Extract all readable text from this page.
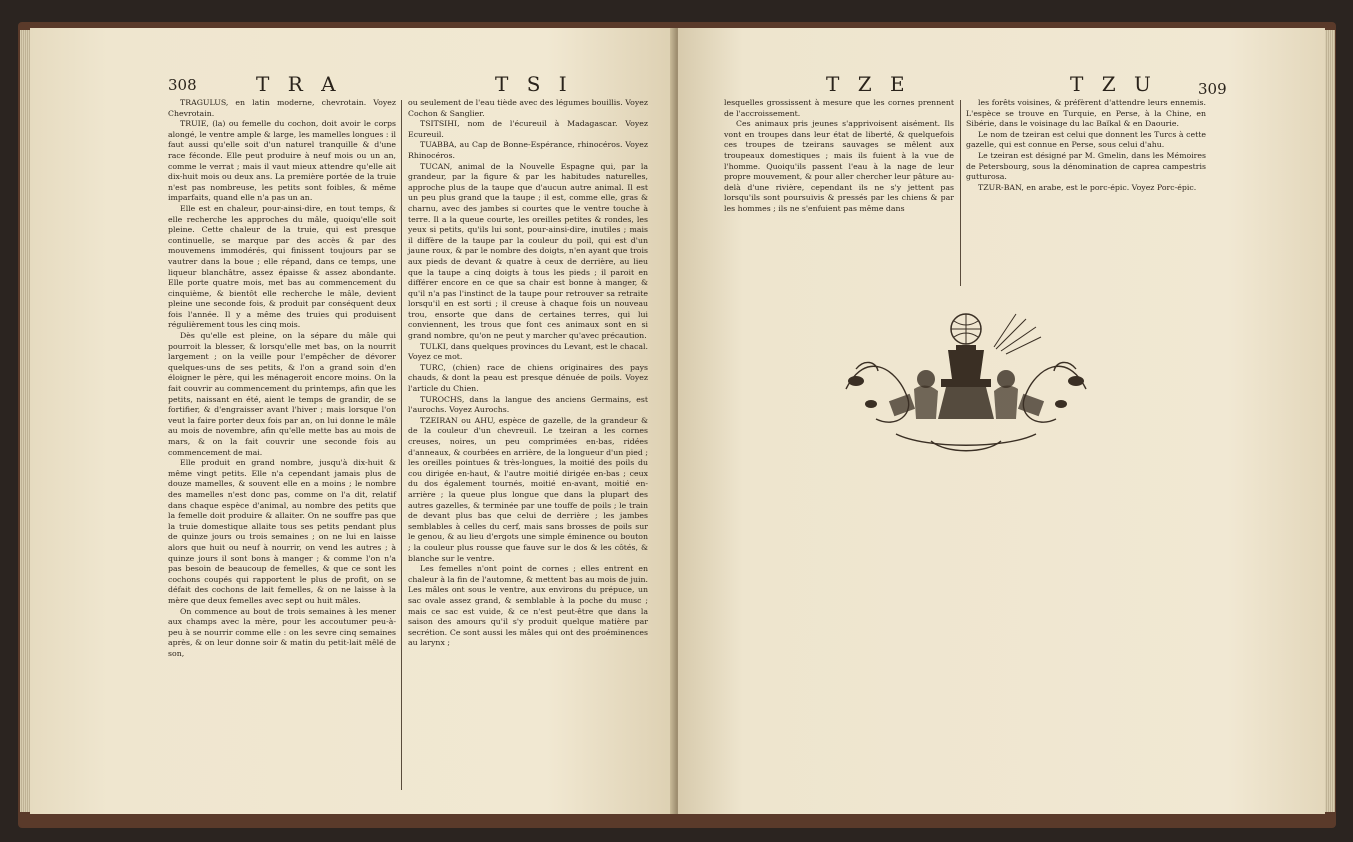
308	T R A	T S I

TRAGULUS, en latin moderne, chevrotain. Voyez Chevrotain.

TRUIE, (la) ou femelle du cochon, doit avoir le corps alongé, le ventre ample & large, les mamelles longues : il faut aussi qu'elle soit d'un naturel tranquille & d'une race féconde. Elle peut produire à neuf mois ou un an, comme le verrat ; mais il vaut mieux attendre qu'elle ait dix-huit mois ou deux ans. La première portée de la truie n'est pas nombreuse, les petits sont foibles, & même imparfaits, quand elle n'a pas un an.

Elle est en chaleur, pour-ainsi-dire, en tout temps, & elle recherche les approches du mâle, quoiqu'elle soit pleine. Cette chaleur de la truie, qui est presque continuelle, se marque par des accès & par des mouvemens immodérés, qui finissent toujours par se vautrer dans la boue ; elle répand, dans ce temps, une liqueur blanchâtre, assez épaisse & assez abondante. Elle porte quatre mois, met bas au commencement du cinquième, & bientôt elle recherche le mâle, devient pleine une seconde fois, & produit par conséquent deux fois l'année. Il y a même des truies qui produisent régulièrement tous les cinq mois.

Dès qu'elle est pleine, on la sépare du mâle qui pourroit la blesser, & lorsqu'elle met bas, on la nourrit largement ; on la veille pour l'empêcher de dévorer quelques-uns de ses petits, & l'on a grand soin d'en éloigner le père, qui les ménageroit encore moins. On la fait couvrir au commencement du printemps, afin que les petits, naissant en été, aient le temps de grandir, de se fortifier, & d'engraisser avant l'hiver ; mais lorsque l'on veut la faire porter deux fois par an, on lui donne le mâle au mois de novembre, afin qu'elle mette bas au mois de mars, & on la fait couvrir une seconde fois au commencement de mai.

Elle produit en grand nombre, jusqu'à dix-huit & même vingt petits. Elle n'a cependant jamais plus de douze mamelles, & souvent elle en a moins ; le nombre des mamelles n'est donc pas, comme on l'a dit, relatif dans chaque espèce d'animal, au nombre des petits que la femelle doit produire & allaiter. On ne souffre pas que la truie domestique allaite tous ses petits pendant plus de quinze jours ou trois semaines ; on ne lui en laisse alors que huit ou neuf à nourrir, on vend les autres ; à quinze jours il sont bons à manger ; & comme l'on n'a pas besoin de beaucoup de femelles, & que ce sont les cochons coupés qui rapportent le plus de profit, on se défait des cochons de lait femelles, & on ne laisse à la mère que deux femelles avec sept ou huit mâles.

On commence au bout de trois semaines à les mener aux champs avec la mère, pour les accoutumer peu-à-peu à se nourrir comme elle : on les sevre cinq semaines après, & on leur donne soir & matin du petit-lait mêlé de son,

ou seulement de l'eau tiède avec des légumes bouillis. Voyez Cochon & Sanglier.

TSITSIHI, nom de l'écureuil à Madagascar. Voyez Ecureuil.

TUABBA, au Cap de Bonne-Espérance, rhinocéros. Voyez Rhinocéros.

TUCAN, animal de la Nouvelle Espagne qui, par la grandeur, par la figure & par les habitudes naturelles, approche plus de la taupe que d'aucun autre animal. Il est un peu plus grand que la taupe ; il est, comme elle, gras & charnu, avec des jambes si courtes que le ventre touche à terre. Il a la queue courte, les oreilles petites & rondes, les yeux si petits, qu'ils lui sont, pour-ainsi-dire, inutiles ; mais il diffère de la taupe par la couleur du poil, qui est d'un jaune roux, & par le nombre des doigts, n'en ayant que trois aux pieds de devant & quatre à ceux de derrière, au lieu que la taupe a cinq doigts à tous les pieds ; il paroit en différer encore en ce que sa chair est bonne à manger, & qu'il n'a pas l'instinct de la taupe pour retrouver sa retraite lorsqu'il en est sorti ; il creuse à chaque fois un nouveau trou, ensorte que dans de certaines terres, qui lui conviennent, les trous que font ces animaux sont en si grand nombre, qu'on ne peut y marcher qu'avec précaution.

TULKI, dans quelques provinces du Levant, est le chacal. Voyez ce mot.

TURC, (chien) race de chiens originaires des pays chauds, & dont la peau est presque dénuée de poils. Voyez l'article du Chien.

TUROCHS, dans la langue des anciens Germains, est l'aurochs. Voyez Aurochs.

TZEIRAN ou AHU, espèce de gazelle, de la grandeur & de la couleur d'un chevreuil. Le tzeiran a les cornes creuses, noires, un peu comprimées en-bas, ridées d'anneaux, & courbées en arrière, de la longueur d'un pied ; les oreilles pointues & très-longues, la moitié des poils du cou dirigée en-haut, & l'autre moitié dirigée en-bas ; ceux du dos également tournés, moitié en-avant, moitié en-arrière ; la queue plus longue que dans la plupart des autres gazelles, & terminée par une touffe de poils ; le train de devant plus bas que celui de derrière ; les jambes semblables à celles du cerf, mais sans brosses de poils sur le genou, & au lieu d'ergots une simple éminence ou bouton ; la couleur plus rousse que fauve sur le dos & les côtés, & blanche sur le ventre.

Les femelles n'ont point de cornes ; elles entrent en chaleur à la fin de l'automne, & mettent bas au mois de juin. Les mâles ont sous le ventre, aux environs du prépuce, un sac ovale assez grand, & semblable à la poche du musc ; mais ce sac est vuide, & ce n'est peut-être que dans la saison des amours qu'il s'y produit quelque matière par secrétion. Ce sont aussi les mâles qui ont des proéminences au larynx ;

T Z E	T Z U	309

lesquelles grossissent à mesure que les cornes prennent de l'accroissement.

Ces animaux pris jeunes s'apprivoisent aisément. Ils vont en troupes dans leur état de liberté, & quelquefois ces troupes de tzeirans sauvages se mêlent aux troupeaux domestiques ; mais ils fuient à la vue de l'homme. Quoiqu'ils passent l'eau à la nage de leur propre mouvement, & pour aller chercher leur pâture au-delà d'une rivière, cependant ils ne s'y jettent pas lorsqu'ils sont poursuivis & pressés par les chiens & par les hommes ; ils ne s'enfuient pas même dans

les forêts voisines, & préfèrent d'attendre leurs ennemis. L'espèce se trouve en Turquie, en Perse, à la Chine, en Sibérie, dans le voisinage du lac Baïkal & en Daourie.

Le nom de tzeiran est celui que donnent les Turcs à cette gazelle, qui est connue en Perse, sous celui d'ahu.

Le tzeiran est désigné par M. Gmelin, dans les Mémoires de Petersbourg, sous la dénomination de caprea campestris gutturosa.

TZUR-BAN, en arabe, est le porc-épic. Voyez Porc-épic.
